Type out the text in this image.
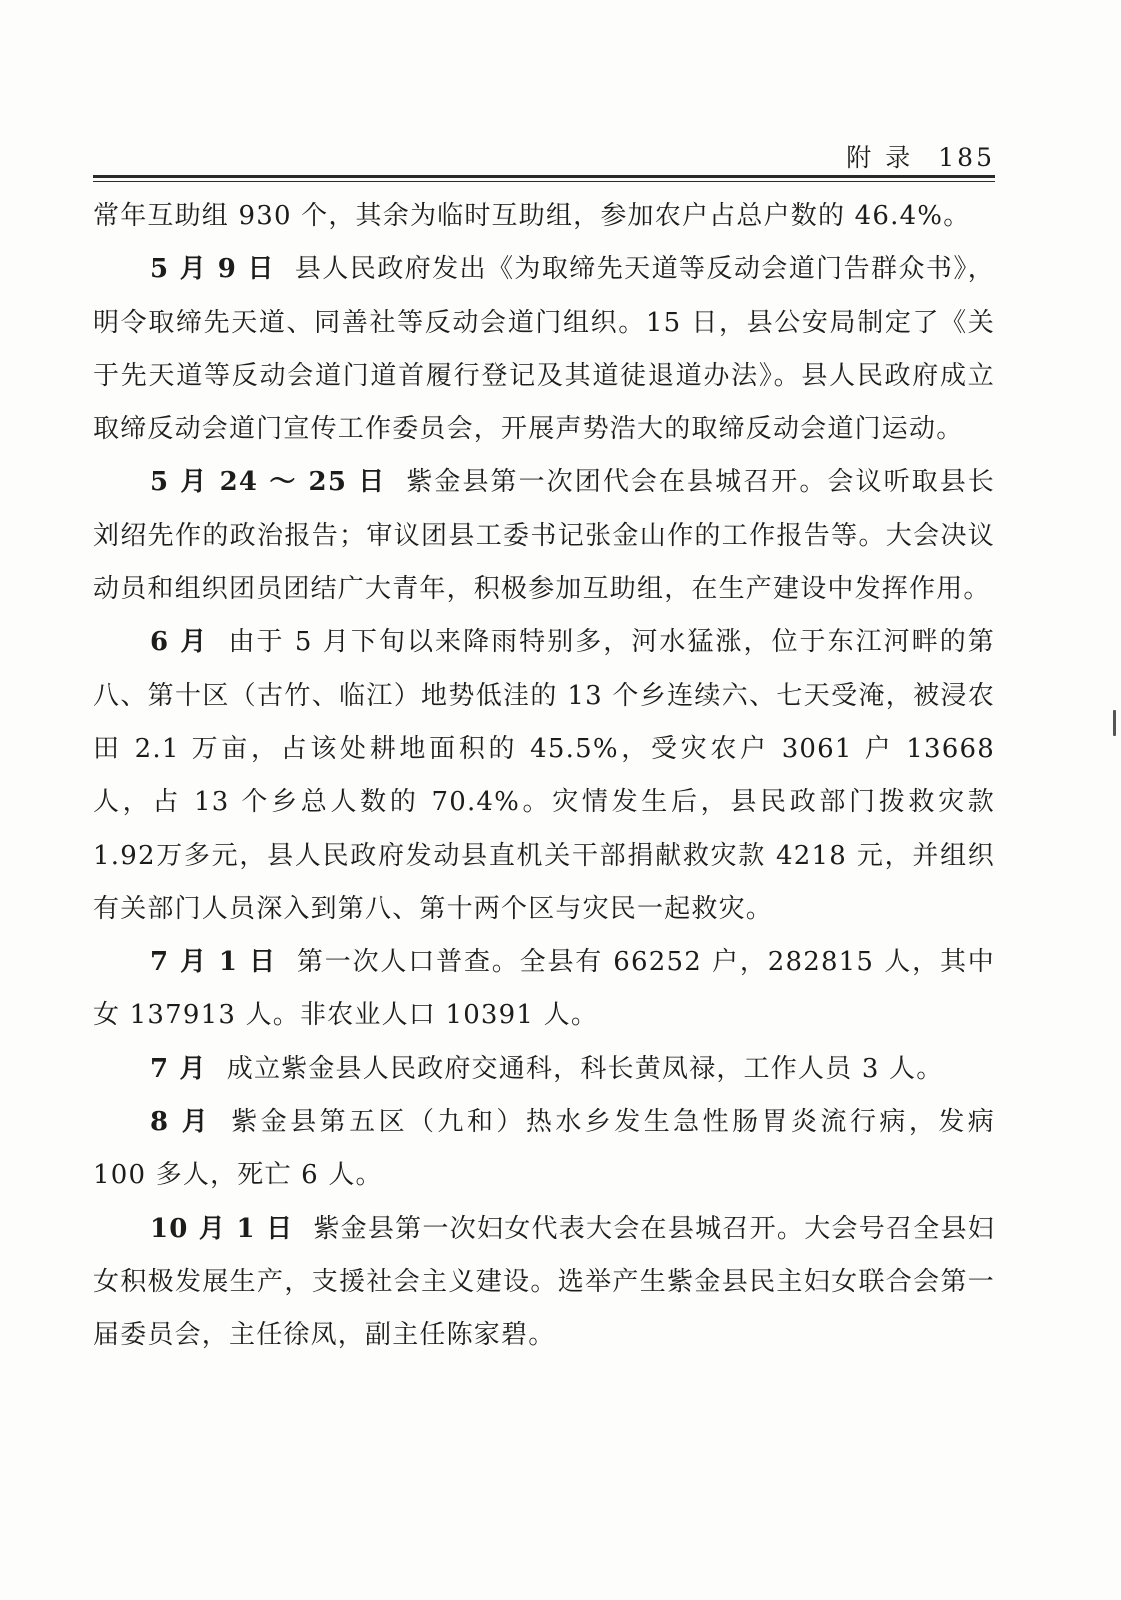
附录 185

常年互助组 930 个，其余为临时互助组，参加农户占总户数的 46.4%。

5 月 9 日 县人民政府发出《为取缔先天道等反动会道门告群众书》，明令取缔先天道、同善社等反动会道门组织。15 日，县公安局制定了《关于先天道等反动会道门道首履行登记及其道徒退道办法》。县人民政府成立取缔反动会道门宣传工作委员会，开展声势浩大的取缔反动会道门运动。

5 月 24 ～ 25 日 紫金县第一次团代会在县城召开。会议听取县长刘绍先作的政治报告；审议团县工委书记张金山作的工作报告等。大会决议动员和组织团员团结广大青年，积极参加互助组，在生产建设中发挥作用。

6 月 由于 5 月下旬以来降雨特别多，河水猛涨，位于东江河畔的第八、第十区（古竹、临江）地势低洼的 13 个乡连续六、七天受淹，被浸农田 2.1 万亩，占该处耕地面积的 45.5%，受灾农户 3061 户 13668 人，占 13 个乡总人数的 70.4%。灾情发生后，县民政部门拨救灾款 1.92万多元，县人民政府发动县直机关干部捐献救灾款 4218 元，并组织有关部门人员深入到第八、第十两个区与灾民一起救灾。

7 月 1 日 第一次人口普查。全县有 66252 户，282815 人，其中女 137913 人。非农业人口 10391 人。

7 月 成立紫金县人民政府交通科，科长黄凤禄，工作人员 3 人。

8 月 紫金县第五区（九和）热水乡发生急性肠胃炎流行病，发病 100 多人，死亡 6 人。

10 月 1 日 紫金县第一次妇女代表大会在县城召开。大会号召全县妇女积极发展生产，支援社会主义建设。选举产生紫金县民主妇女联合会第一届委员会，主任徐凤，副主任陈家碧。
